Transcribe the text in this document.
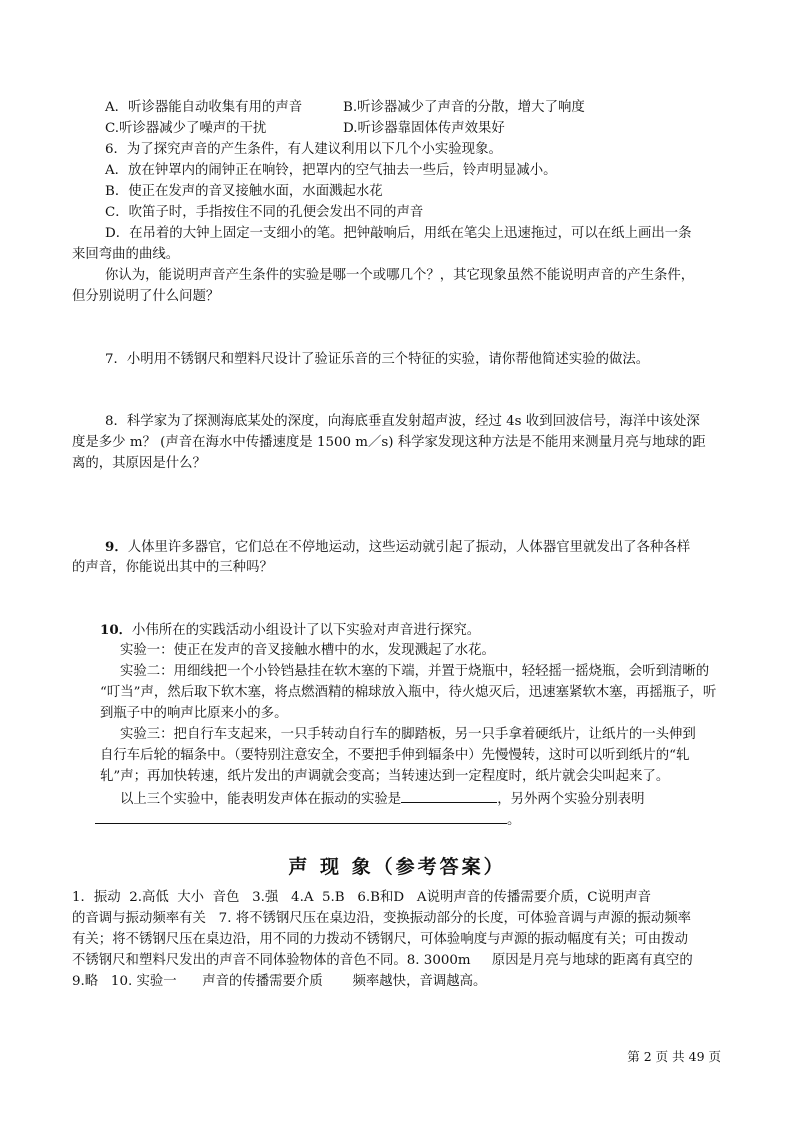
A．听诊器能自动收集有用的声音	B.听诊器减少了声音的分散，增大了响度
C.听诊器减少了噪声的干扰	D.听诊器靠固体传声效果好
6．为了探究声音的产生条件，有人建议利用以下几个小实验现象。
A．放在钟罩内的闹钟正在响铃，把罩内的空气抽去一些后，铃声明显减小。
B．使正在发声的音叉接触水面，水面溅起水花
C．吹笛子时，手指按住不同的孔便会发出不同的声音
D．在吊着的大钟上固定一支细小的笔。把钟敲响后，用纸在笔尖上迅速拖过，可以在纸上画出一条
来回弯曲的曲线。
你认为，能说明声音产生条件的实验是哪一个或哪几个？，其它现象虽然不能说明声音的产生条件，
但分别说明了什么问题？
7．小明用不锈钢尺和塑料尺设计了验证乐音的三个特征的实验，请你帮他简述实验的做法。
8．科学家为了探测海底某处的深度，向海底垂直发射超声波，经过 4s 收到回波信号，海洋中该处深
度是多少 m？ (声音在海水中传播速度是 1500 m／s) 科学家发现这种方法是不能用来测量月亮与地球的距
离的，其原因是什么？
9．人体里许多器官，它们总在不停地运动，这些运动就引起了振动，人体器官里就发出了各种各样
的声音，你能说出其中的三种吗？
10．小伟所在的实践活动小组设计了以下实验对声音进行探究。
实验一：使正在发声的音叉接触水槽中的水，发现溅起了水花。
实验二：用细线把一个小铃铛悬挂在软木塞的下端，并置于烧瓶中，轻轻摇一摇烧瓶，会听到清晰的
“叮当”声，然后取下软木塞，将点燃酒精的棉球放入瓶中，待火熄灭后，迅速塞紧软木塞，再摇瓶子，听
到瓶子中的响声比原来小的多。
实验三：把自行车支起来，一只手转动自行车的脚踏板，另一只手拿着硬纸片，让纸片的一头伸到
自行车后轮的辐条中。（要特别注意安全，不要把手伸到辐条中）先慢慢转，这时可以听到纸片的“轧
轧”声；再加快转速，纸片发出的声调就会变高；当转速达到一定程度时，纸片就会尖叫起来了。
以上三个实验中，能表明发声体在振动的实验是	，另外两个实验分别表明
。
声 现 象（参考答案）
1．振动  2.高低  大小  音色   3.强   4.A  5.B   6.B和D   A说明声音的传播需要介质，C说明声音
的音调与振动频率有关   7. 将不锈钢尺压在桌边沿，变换振动部分的长度，可体验音调与声源的振动频率
有关；将不锈钢尺压在桌边沿，用不同的力拨动不锈钢尺，可体验响度与声源的振动幅度有关；可由拨动
不锈钢尺和塑料尺发出的声音不同体验物体的音色不同。8. 3000m     原因是月亮与地球的距离有真空的
9.略   10. 实验一      声音的传播需要介质       频率越快，音调越高。
第 2 页 共 49 页
